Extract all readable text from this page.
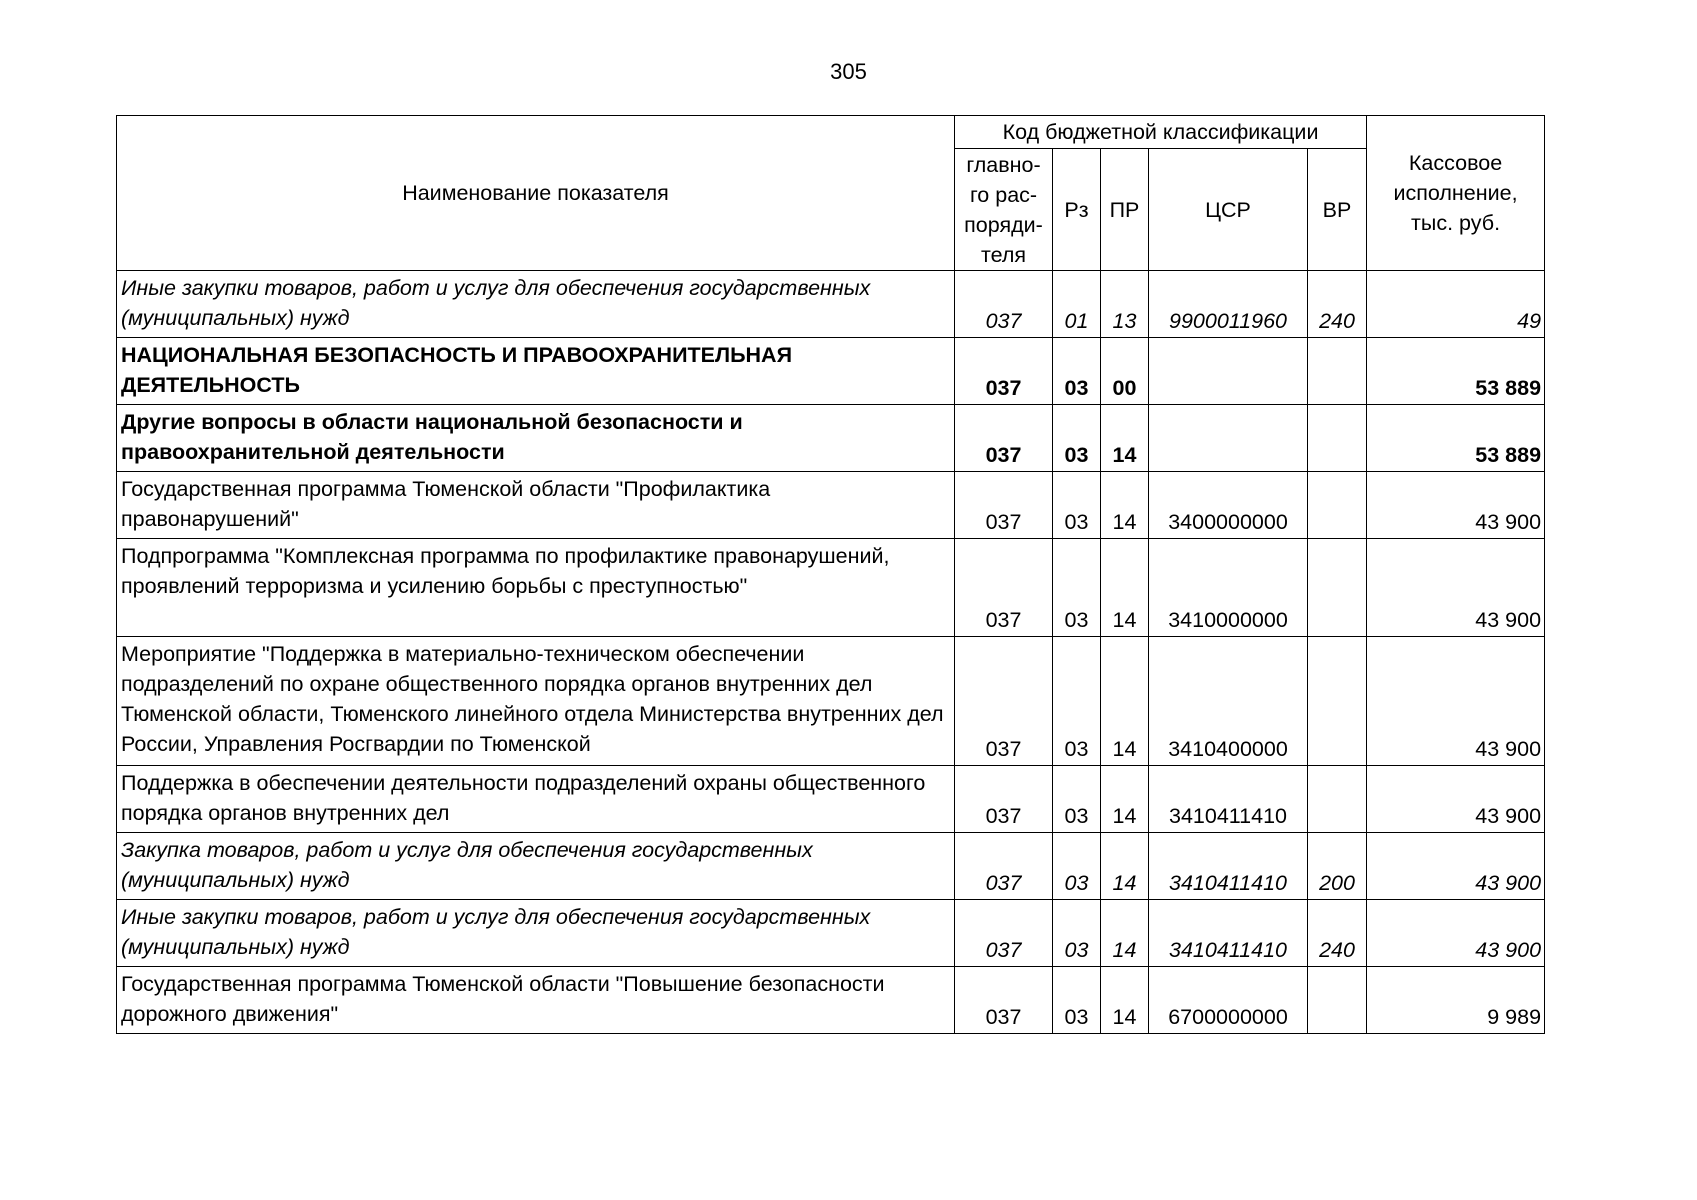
305
Наименование показателя	Код бюджетной классификации					Кассовое исполнение, тыс. руб.
	главно-го рас-поряди-теля	Рз	ПР	ЦСР	ВР	
Иные закупки товаров, работ и услуг для обеспечения государственных (муниципальных) нужд	037	01	13	9900011960	240	49
НАЦИОНАЛЬНАЯ БЕЗОПАСНОСТЬ И ПРАВООХРАНИТЕЛЬНАЯ ДЕЯТЕЛЬНОСТЬ	037	03	00			53 889
Другие вопросы в области национальной безопасности и правоохранительной деятельности	037	03	14			53 889
Государственная программа Тюменской области "Профилактика правонарушений"	037	03	14	3400000000		43 900
Подпрограмма "Комплексная программа по профилактике правонарушений, проявлений терроризма и усилению борьбы с преступностью"	037	03	14	3410000000		43 900
Мероприятие "Поддержка в материально-техническом обеспечении подразделений по охране общественного порядка органов внутренних дел Тюменской области, Тюменского линейного отдела Министерства внутренних дел России, Управления Росгвардии по Тюменской	037	03	14	3410400000		43 900
Поддержка в обеспечении деятельности подразделений охраны общественного порядка органов внутренних дел	037	03	14	3410411410		43 900
Закупка товаров, работ и услуг для обеспечения государственных (муниципальных) нужд	037	03	14	3410411410	200	43 900
Иные закупки товаров, работ и услуг для обеспечения государственных (муниципальных) нужд	037	03	14	3410411410	240	43 900
Государственная программа Тюменской области "Повышение безопасности дорожного движения"	037	03	14	6700000000		9 989
